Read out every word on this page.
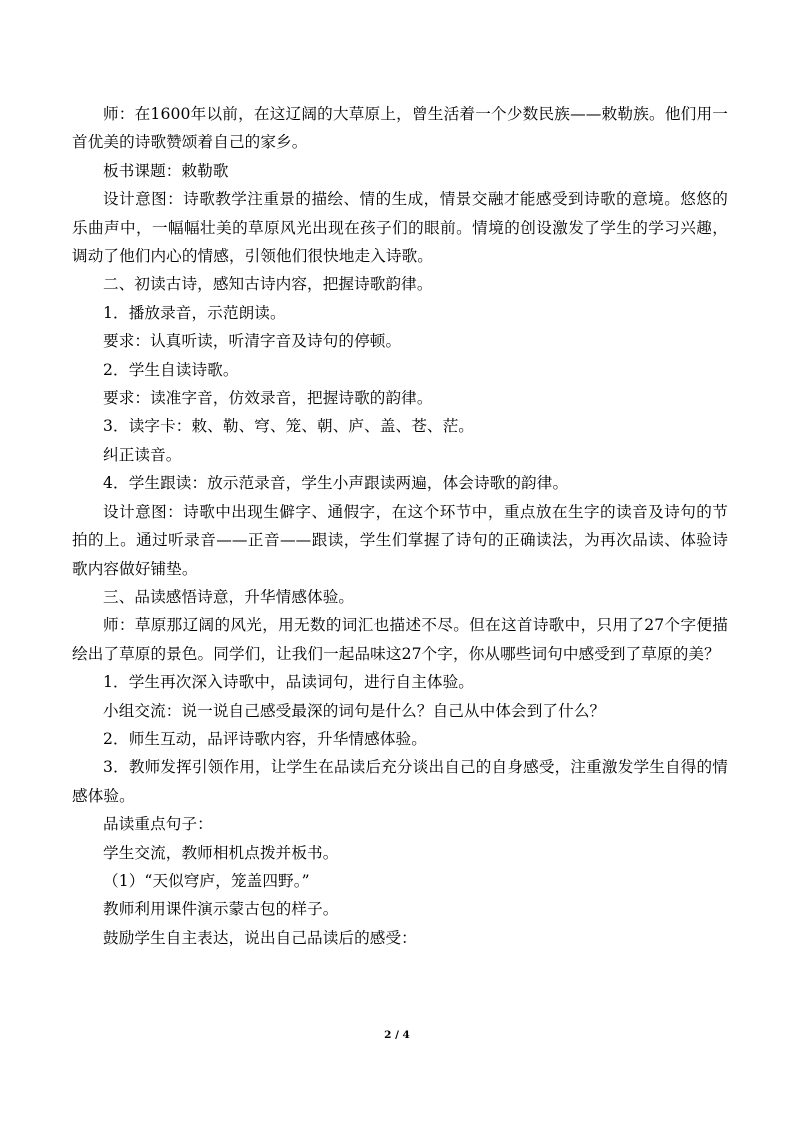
师：在1600年以前，在这辽阔的大草原上，曾生活着一个少数民族——敕勒族。他们用一首优美的诗歌赞颂着自己的家乡。

板书课题：敕勒歌

设计意图：诗歌教学注重景的描绘、情的生成，情景交融才能感受到诗歌的意境。悠悠的乐曲声中，一幅幅壮美的草原风光出现在孩子们的眼前。情境的创设激发了学生的学习兴趣，调动了他们内心的情感，引领他们很快地走入诗歌。

二、初读古诗，感知古诗内容，把握诗歌韵律。

1．播放录音，示范朗读。

要求：认真听读，听清字音及诗句的停顿。

2．学生自读诗歌。

要求：读准字音，仿效录音，把握诗歌的韵律。

3．读字卡：敕、勒、穹、笼、朝、庐、盖、苍、茫。

纠正读音。

4．学生跟读：放示范录音，学生小声跟读两遍，体会诗歌的韵律。

设计意图：诗歌中出现生僻字、通假字，在这个环节中，重点放在生字的读音及诗句的节拍的上。通过听录音——正音——跟读，学生们掌握了诗句的正确读法，为再次品读、体验诗歌内容做好铺垫。

三、品读感悟诗意，升华情感体验。

师：草原那辽阔的风光，用无数的词汇也描述不尽。但在这首诗歌中，只用了27个字便描绘出了草原的景色。同学们，让我们一起品味这27个字，你从哪些词句中感受到了草原的美？

1．学生再次深入诗歌中，品读词句，进行自主体验。

小组交流：说一说自己感受最深的词句是什么？自己从中体会到了什么？

2．师生互动，品评诗歌内容，升华情感体验。

3．教师发挥引领作用，让学生在品读后充分谈出自己的自身感受，注重激发学生自得的情感体验。

品读重点句子：

学生交流，教师相机点拨并板书。

（1）“天似穹庐，笼盖四野。”

教师利用课件演示蒙古包的样子。

鼓励学生自主表达，说出自己品读后的感受：

2 / 4
